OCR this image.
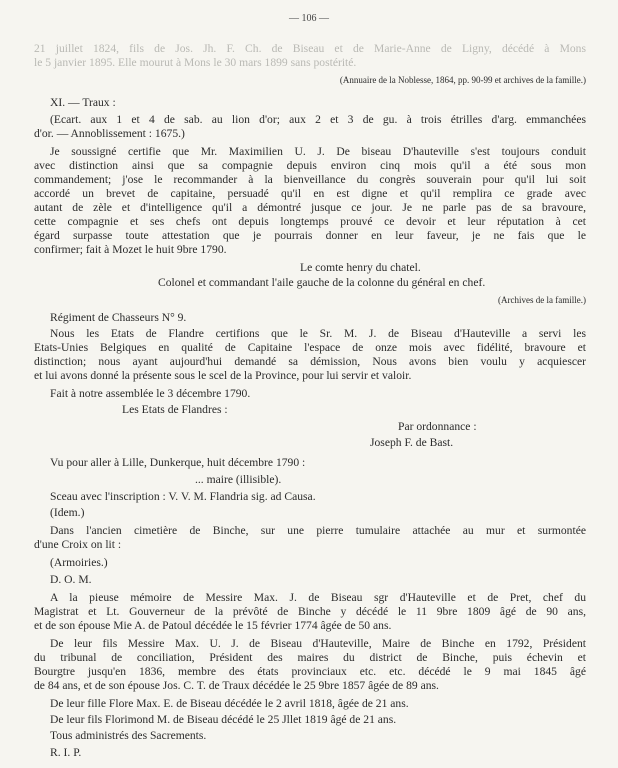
— 106 —
21 juillet 1824, fils de Jos. Jh. F. Ch. de Biseau et de Marie-Anne de Ligny, décédé à Mons
le 5 janvier 1895. Elle mourut à Mons le 30 mars 1899 sans postérité.
(Annuaire de la Noblesse, 1864, pp. 90-99 et archives de la famille.)
XI. — Traux :
(Ecart. aux 1 et 4 de sab. au lion d'or; aux 2 et 3 de gu. à trois étrilles d'arg. emmanchées
d'or. — Annoblissement : 1675.)
Je soussigné certifie que Mr. Maximilien U. J. De biseau D'hauteville s'est toujours conduit
avec distinction ainsi que sa compagnie depuis environ cinq mois qu'il a été sous mon
commandement; j'ose le recommander à la bienveillance du congrès souverain pour qu'il lui soit
accordé un brevet de capitaine, persuadé qu'il en est digne et qu'il remplira ce grade avec
autant de zèle et d'intelligence qu'il a démontré jusque ce jour. Je ne parle pas de sa bravoure,
cette compagnie et ses chefs ont depuis longtemps prouvé ce devoir et leur réputation à cet
égard surpasse toute attestation que je pourrais donner en leur faveur, je ne fais que le
confirmer; fait à Mozet le huit 9bre 1790.
Le comte henry du chatel.
Colonel et commandant l'aile gauche de la colonne du général en chef.
(Archives de la famille.)
Régiment de Chasseurs N° 9.
Nous les Etats de Flandre certifions que le Sr. M. J. de Biseau d'Hauteville a servi les
Etats-Unies Belgiques en qualité de Capitaine l'espace de onze mois avec fidélité, bravoure et
distinction; nous ayant aujourd'hui demandé sa démission, Nous avons bien voulu y acquiescer
et lui avons donné la présente sous le scel de la Province, pour lui servir et valoir.
Fait à notre assemblée le 3 décembre 1790.
Les Etats de Flandres :
Par ordonnance :
Joseph F. de Bast.
Vu pour aller à Lille, Dunkerque, huit décembre 1790 :
... maire (illisible).
Sceau avec l'inscription : V. V. M. Flandria sig. ad Causa.
(Idem.)
Dans l'ancien cimetière de Binche, sur une pierre tumulaire attachée au mur et surmontée
d'une Croix on lit :
(Armoiries.)
D. O. M.
A la pieuse mémoire de Messire Max. J. de Biseau sgr d'Hauteville et de Pret, chef du
Magistrat et Lt. Gouverneur de la prévôté de Binche y décédé le 11 9bre 1809 âgé de 90 ans,
et de son épouse Mie A. de Patoul décédée le 15 février 1774 âgée de 50 ans.
De leur fils Messire Max. U. J. de Biseau d'Hauteville, Maire de Binche en 1792, Président
du tribunal de conciliation, Président des maires du district de Binche, puis échevin et
Bourgtre jusqu'en 1836, membre des états provinciaux etc. etc. décédé le 9 mai 1845 âgé
de 84 ans, et de son épouse Jos. C. T. de Traux décédée le 25 9bre 1857 âgée de 89 ans.
De leur fille Flore Max. E. de Biseau décédée le 2 avril 1818, âgée de 21 ans.
De leur fils Florimond M. de Biseau décédé le 25 Jllet 1819 âgé de 21 ans.
Tous administrés des Sacrements.
R. I. P.
